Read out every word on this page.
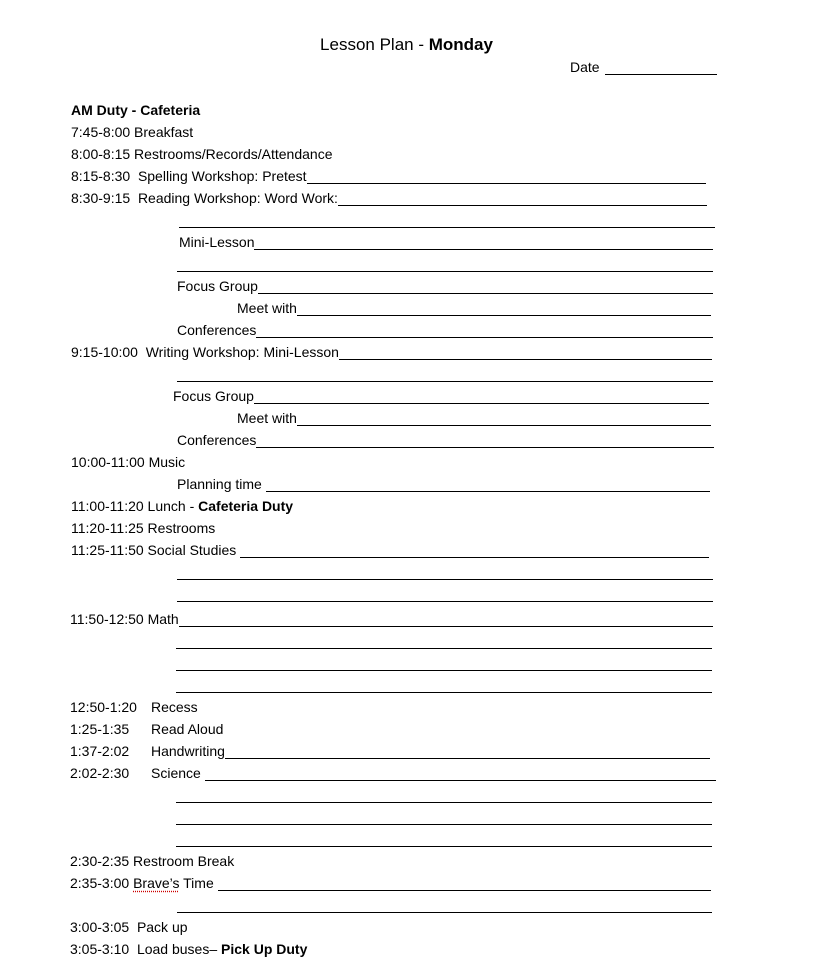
Lesson Plan - Monday
Date
AM Duty - Cafeteria
7:45-8:00 Breakfast
8:00-8:15 Restrooms/Records/Attendance
8:15-8:30  Spelling Workshop: Pretest
8:30-9:15  Reading Workshop: Word Work:
Mini-Lesson
Focus Group
Meet with
Conferences
9:15-10:00  Writing Workshop: Mini-Lesson
Focus Group
Meet with
Conferences
10:00-11:00 Music
Planning time
11:00-11:20 Lunch - Cafeteria Duty
11:20-11:25 Restrooms
11:25-11:50 Social Studies
11:50-12:50 Math
12:50-1:20	Recess
1:25-1:35	Read Aloud
1:37-2:02	Handwriting
2:02-2:30	Science
2:30-2:35 Restroom Break
2:35-3:00 Brave’s Time
3:00-3:05  Pack up
3:05-3:10  Load buses– Pick Up Duty
